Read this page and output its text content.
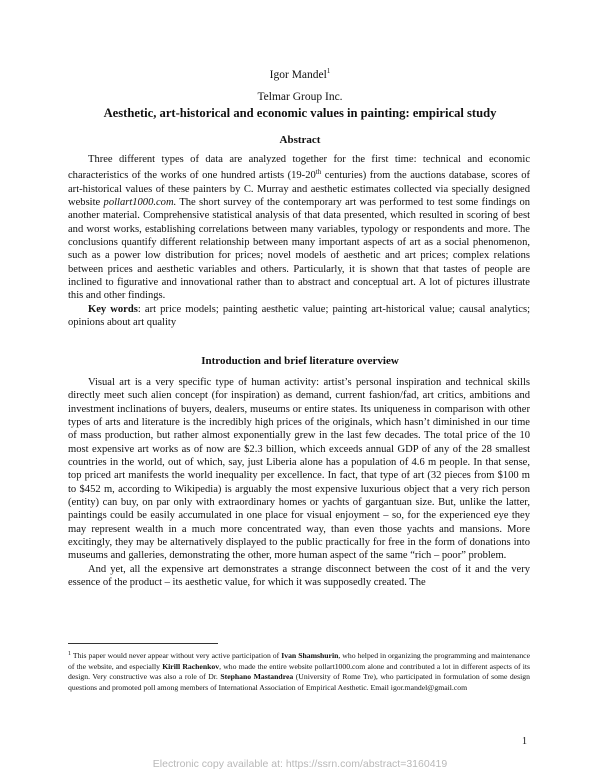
Igor Mandel$^1$
Telmar Group Inc.
Aesthetic, art-historical and economic values in painting: empirical study
Abstract

Three different types of data are analyzed together for the first time: technical and economic characteristics of the works of one hundred artists (19-20th centuries) from the auctions database, scores of art-historical values of these painters by C. Murray and aesthetic estimates collected via specially designed website pollart1000.com. The short survey of the contemporary art was performed to test some findings on another material. Comprehensive statistical analysis of that data presented, which resulted in scoring of best and worst works, establishing correlations between many variables, typology or respondents and more. The conclusions quantify different relationship between many important aspects of art as a social phenomenon, such as a power low distribution for prices; novel models of aesthetic and art prices; complex relations between prices and aesthetic variables and others. Particularly, it is shown that that tastes of people are inclined to figurative and innovational rather than to abstract and conceptual art. A lot of pictures illustrate this and other findings.

Key words: art price models; painting aesthetic value; painting art-historical value; causal analytics; opinions about art quality

Introduction and brief literature overview

Visual art is a very specific type of human activity: artist’s personal inspiration and technical skills directly meet such alien concept (for inspiration) as demand, current fashion/fad, art critics, ambitions and investment inclinations of buyers, dealers, museums or entire states. Its uniqueness in comparison with other types of arts and literature is the incredibly high prices of the originals, which hasn’t diminished in our time of mass production, but rather almost exponentially grew in the last few decades. The total price of the 10 most expensive art works as of now are $2.3 billion, which exceeds annual GDP of any of the 28 smallest countries in the world, out of which, say, just Liberia alone has a population of 4.6 m people. In that sense, top priced art manifests the world inequality per excellence. In fact, that type of art (32 pieces from $100 m to $452 m, according to Wikipedia) is arguably the most expensive luxurious object that a very rich person (entity) can buy, on par only with extraordinary homes or yachts of gargantuan size. But, unlike the latter, paintings could be easily accumulated in one place for visual enjoyment – so, for the experienced eye they may represent wealth in a much more concentrated way, than even those yachts and mansions. More excitingly, they may be alternatively displayed to the public practically for free in the form of donations into museums and galleries, demonstrating the other, more human aspect of the same “rich – poor” problem.

And yet, all the expensive art demonstrates a strange disconnect between the cost of it and the very essence of the product – its aesthetic value, for which it was supposedly created. The

$^1$ This paper would never appear without very active participation of Ivan Shamshurin, who helped in organizing the programming and maintenance of the website, and especially Kirill Rachenkov, who made the entire website pollart1000.com alone and contributed a lot in different aspects of its design. Very constructive was also a role of Dr. Stephano Mastandrea (University of Rome Tre), who participated in formulation of some design questions and promoted poll among members of International Association of Empirical Aesthetic. Email igor.mandel@gmail.com
1
Electronic copy available at: https://ssrn.com/abstract=3160419
